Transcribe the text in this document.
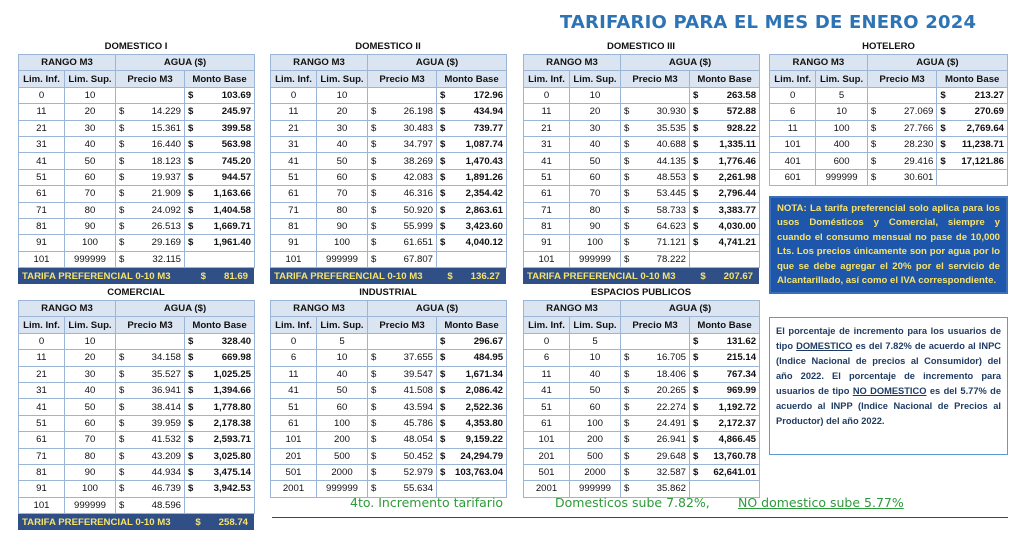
TARIFARIO PARA EL MES DE ENERO 2024
DOMESTICO I
RANGO M3		AGUA ($)	
Lim. Inf.	Lim. Sup.	Precio M3	Monto Base
0	10		$ 103.69

11	20	$ 14.229	$ 245.97

21	30	$ 15.361	$ 399.58

31	40	$ 16.440	$ 563.98

41	50	$ 18.123	$ 745.20

51	60	$ 19.937	$ 944.57

61	70	$ 21.909	$ 1,163.66

71	80	$ 24.092	$ 1,404.58

81	90	$ 26.513	$ 1,669.71

91	100	$ 29.169	$ 1,961.40

101	999999	$ 32.115	

TARIFA PREFERENCIAL 0-10 M3	$ 81.69
DOMESTICO II
RANGO M3		AGUA ($)	
Lim. Inf.	Lim. Sup.	Precio M3	Monto Base
0	10		$ 172.96

11	20	$ 26.198	$ 434.94

21	30	$ 30.483	$ 739.77

31	40	$ 34.797	$ 1,087.74

41	50	$ 38.269	$ 1,470.43

51	60	$ 42.083	$ 1,891.26

61	70	$ 46.316	$ 2,354.42

71	80	$ 50.920	$ 2,863.61

81	90	$ 55.999	$ 3,423.60

91	100	$ 61.651	$ 4,040.12

101	999999	$ 67.807	

TARIFA PREFERENCIAL 0-10 M3	$ 136.27
DOMESTICO III
RANGO M3		AGUA ($)	
Lim. Inf.	Lim. Sup.	Precio M3	Monto Base
0	10		$ 263.58

11	20	$ 30.930	$ 572.88

21	30	$ 35.535	$ 928.22

31	40	$ 40.688	$ 1,335.11

41	50	$ 44.135	$ 1,776.46

51	60	$ 48.553	$ 2,261.98

61	70	$ 53.445	$ 2,796.44

71	80	$ 58.733	$ 3,383.77

81	90	$ 64.623	$ 4,030.00

91	100	$ 71.121	$ 4,741.21

101	999999	$ 78.222	

TARIFA PREFERENCIAL 0-10 M3	$ 207.67
HOTELERO
RANGO M3		AGUA ($)	
Lim. Inf.	Lim. Sup.	Precio M3	Monto Base
0	5		$ 213.27

6	10	$ 27.069	$ 270.69

11	100	$ 27.766	$ 2,769.64

101	400	$ 28.230	$ 11,238.71

401	600	$ 29.416	$ 17,121.86

601	999999	$ 30.601	

COMERCIAL
RANGO M3		AGUA ($)	
Lim. Inf.	Lim. Sup.	Precio M3	Monto Base
0	10		$ 328.40

11	20	$ 34.158	$ 669.98

21	30	$ 35.527	$ 1,025.25

31	40	$ 36.941	$ 1,394.66

41	50	$ 38.414	$ 1,778.80

51	60	$ 39.959	$ 2,178.38

61	70	$ 41.532	$ 2,593.71

71	80	$ 43.209	$ 3,025.80

81	90	$ 44.934	$ 3,475.14

91	100	$ 46.739	$ 3,942.53

101	999999	$ 48.596	

TARIFA PREFERENCIAL 0-10 M3	$ 258.74
INDUSTRIAL
RANGO M3		AGUA ($)	
Lim. Inf.	Lim. Sup.	Precio M3	Monto Base
0	5		$ 296.67

6	10	$ 37.655	$ 484.95

11	40	$ 39.547	$ 1,671.34

41	50	$ 41.508	$ 2,086.42

51	60	$ 43.594	$ 2,522.36

61	100	$ 45.786	$ 4,353.80

101	200	$ 48.054	$ 9,159.22

201	500	$ 50.452	$ 24,294.79

501	2000	$ 52.979	$ 103,763.04

2001	999999	$ 55.634	

ESPACIOS PUBLICOS
RANGO M3		AGUA ($)	
Lim. Inf.	Lim. Sup.	Precio M3	Monto Base
0	5		$ 131.62

6	10	$ 16.705	$ 215.14

11	40	$ 18.406	$ 767.34

41	50	$ 20.265	$ 969.99

51	60	$ 22.274	$ 1,192.72

61	100	$ 24.491	$ 2,172.37

101	200	$ 26.941	$ 4,866.45

201	500	$ 29.648	$ 13,760.78

501	2000	$ 32.587	$ 62,641.01

2001	999999	$ 35.862	

NOTA: La tarifa preferencial solo aplica para los usos Domésticos y Comercial, siempre y cuando el consumo mensual no pase de 10,000 Lts. Los precios únicamente son por agua por lo que se debe agregar el 20% por el servicio de Alcantarillado, así como el IVA correspondiente.
El porcentaje de incremento para los usuarios de tipo DOMESTICO es del 7.82% de acuerdo al INPC (Indice Nacional de precios al Consumidor) del año 2022. El porcentaje de incremento para usuarios de tipo NO DOMESTICO es del 5.77% de acuerdo al INPP (Indice Nacional de Precios al Productor) del año 2022.
4to. Incremento tarifario	Domesticos sube 7.82%, NO domestico sube 5.77%
